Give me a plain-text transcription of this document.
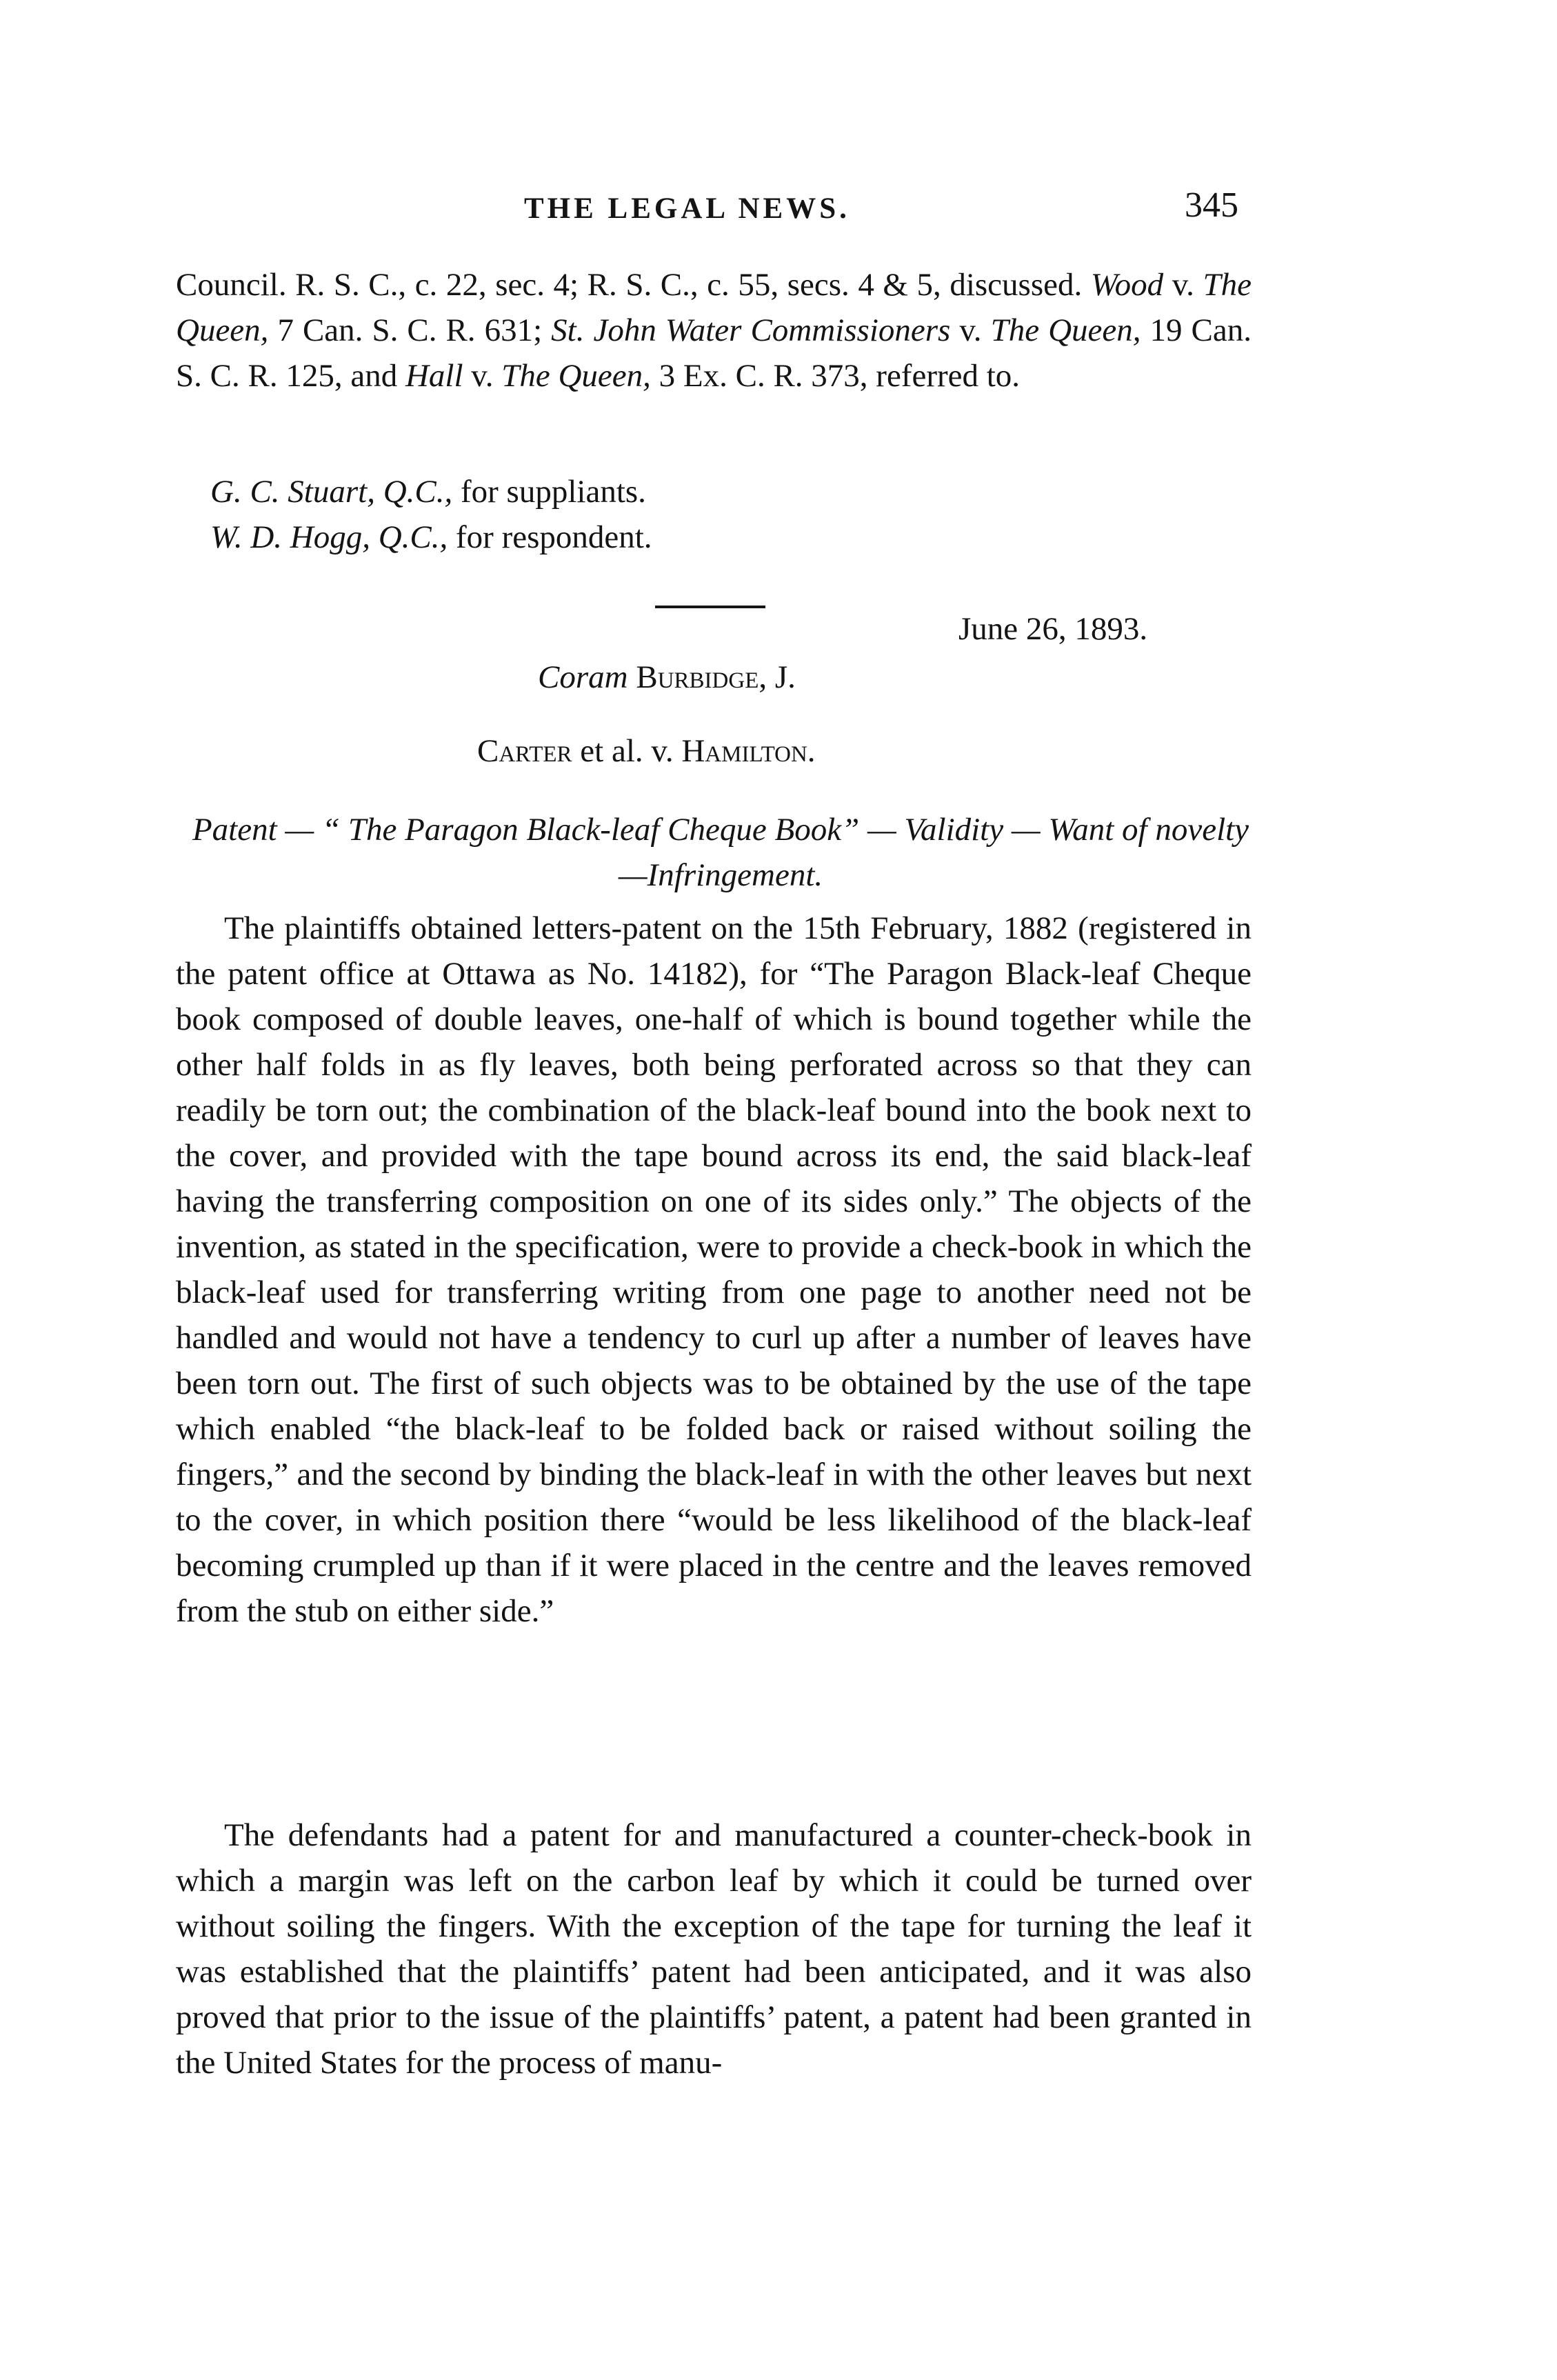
THE LEGAL NEWS.	345
Council. R. S. C., c. 22, sec. 4; R. S. C., c. 55, secs. 4 & 5, discussed. Wood v. The Queen, 7 Can. S. C. R. 631; St. John Water Commissioners v. The Queen, 19 Can. S. C. R. 125, and Hall v. The Queen, 3 Ex. C. R. 373, referred to.
G. C. Stuart, Q.C., for suppliants.
W. D. Hogg, Q.C., for respondent.
June 26, 1893.
Coram Burbidge, J.
Carter et al. v. Hamilton.
Patent — “ The Paragon Black-leaf Cheque Book” — Validity — Want of novelty—Infringement.
The plaintiffs obtained letters-patent on the 15th February, 1882 (registered in the patent office at Ottawa as No. 14182), for “The Paragon Black-leaf Cheque book composed of double leaves, one-half of which is bound together while the other half folds in as fly leaves, both being perforated across so that they can readily be torn out; the combination of the black-leaf bound into the book next to the cover, and provided with the tape bound across its end, the said black-leaf having the transferring composition on one of its sides only.” The objects of the invention, as stated in the specification, were to provide a check-book in which the black-leaf used for transferring writing from one page to another need not be handled and would not have a tendency to curl up after a number of leaves have been torn out. The first of such objects was to be obtained by the use of the tape which enabled “the black-leaf to be folded back or raised without soiling the fingers,” and the second by binding the black-leaf in with the other leaves but next to the cover, in which position there “would be less likelihood of the black-leaf becoming crumpled up than if it were placed in the centre and the leaves removed from the stub on either side.”
The defendants had a patent for and manufactured a counter-check-book in which a margin was left on the carbon leaf by which it could be turned over without soiling the fingers. With the exception of the tape for turning the leaf it was established that the plaintiffs’ patent had been anticipated, and it was also proved that prior to the issue of the plaintiffs’ patent, a patent had been granted in the United States for the process of manu-
